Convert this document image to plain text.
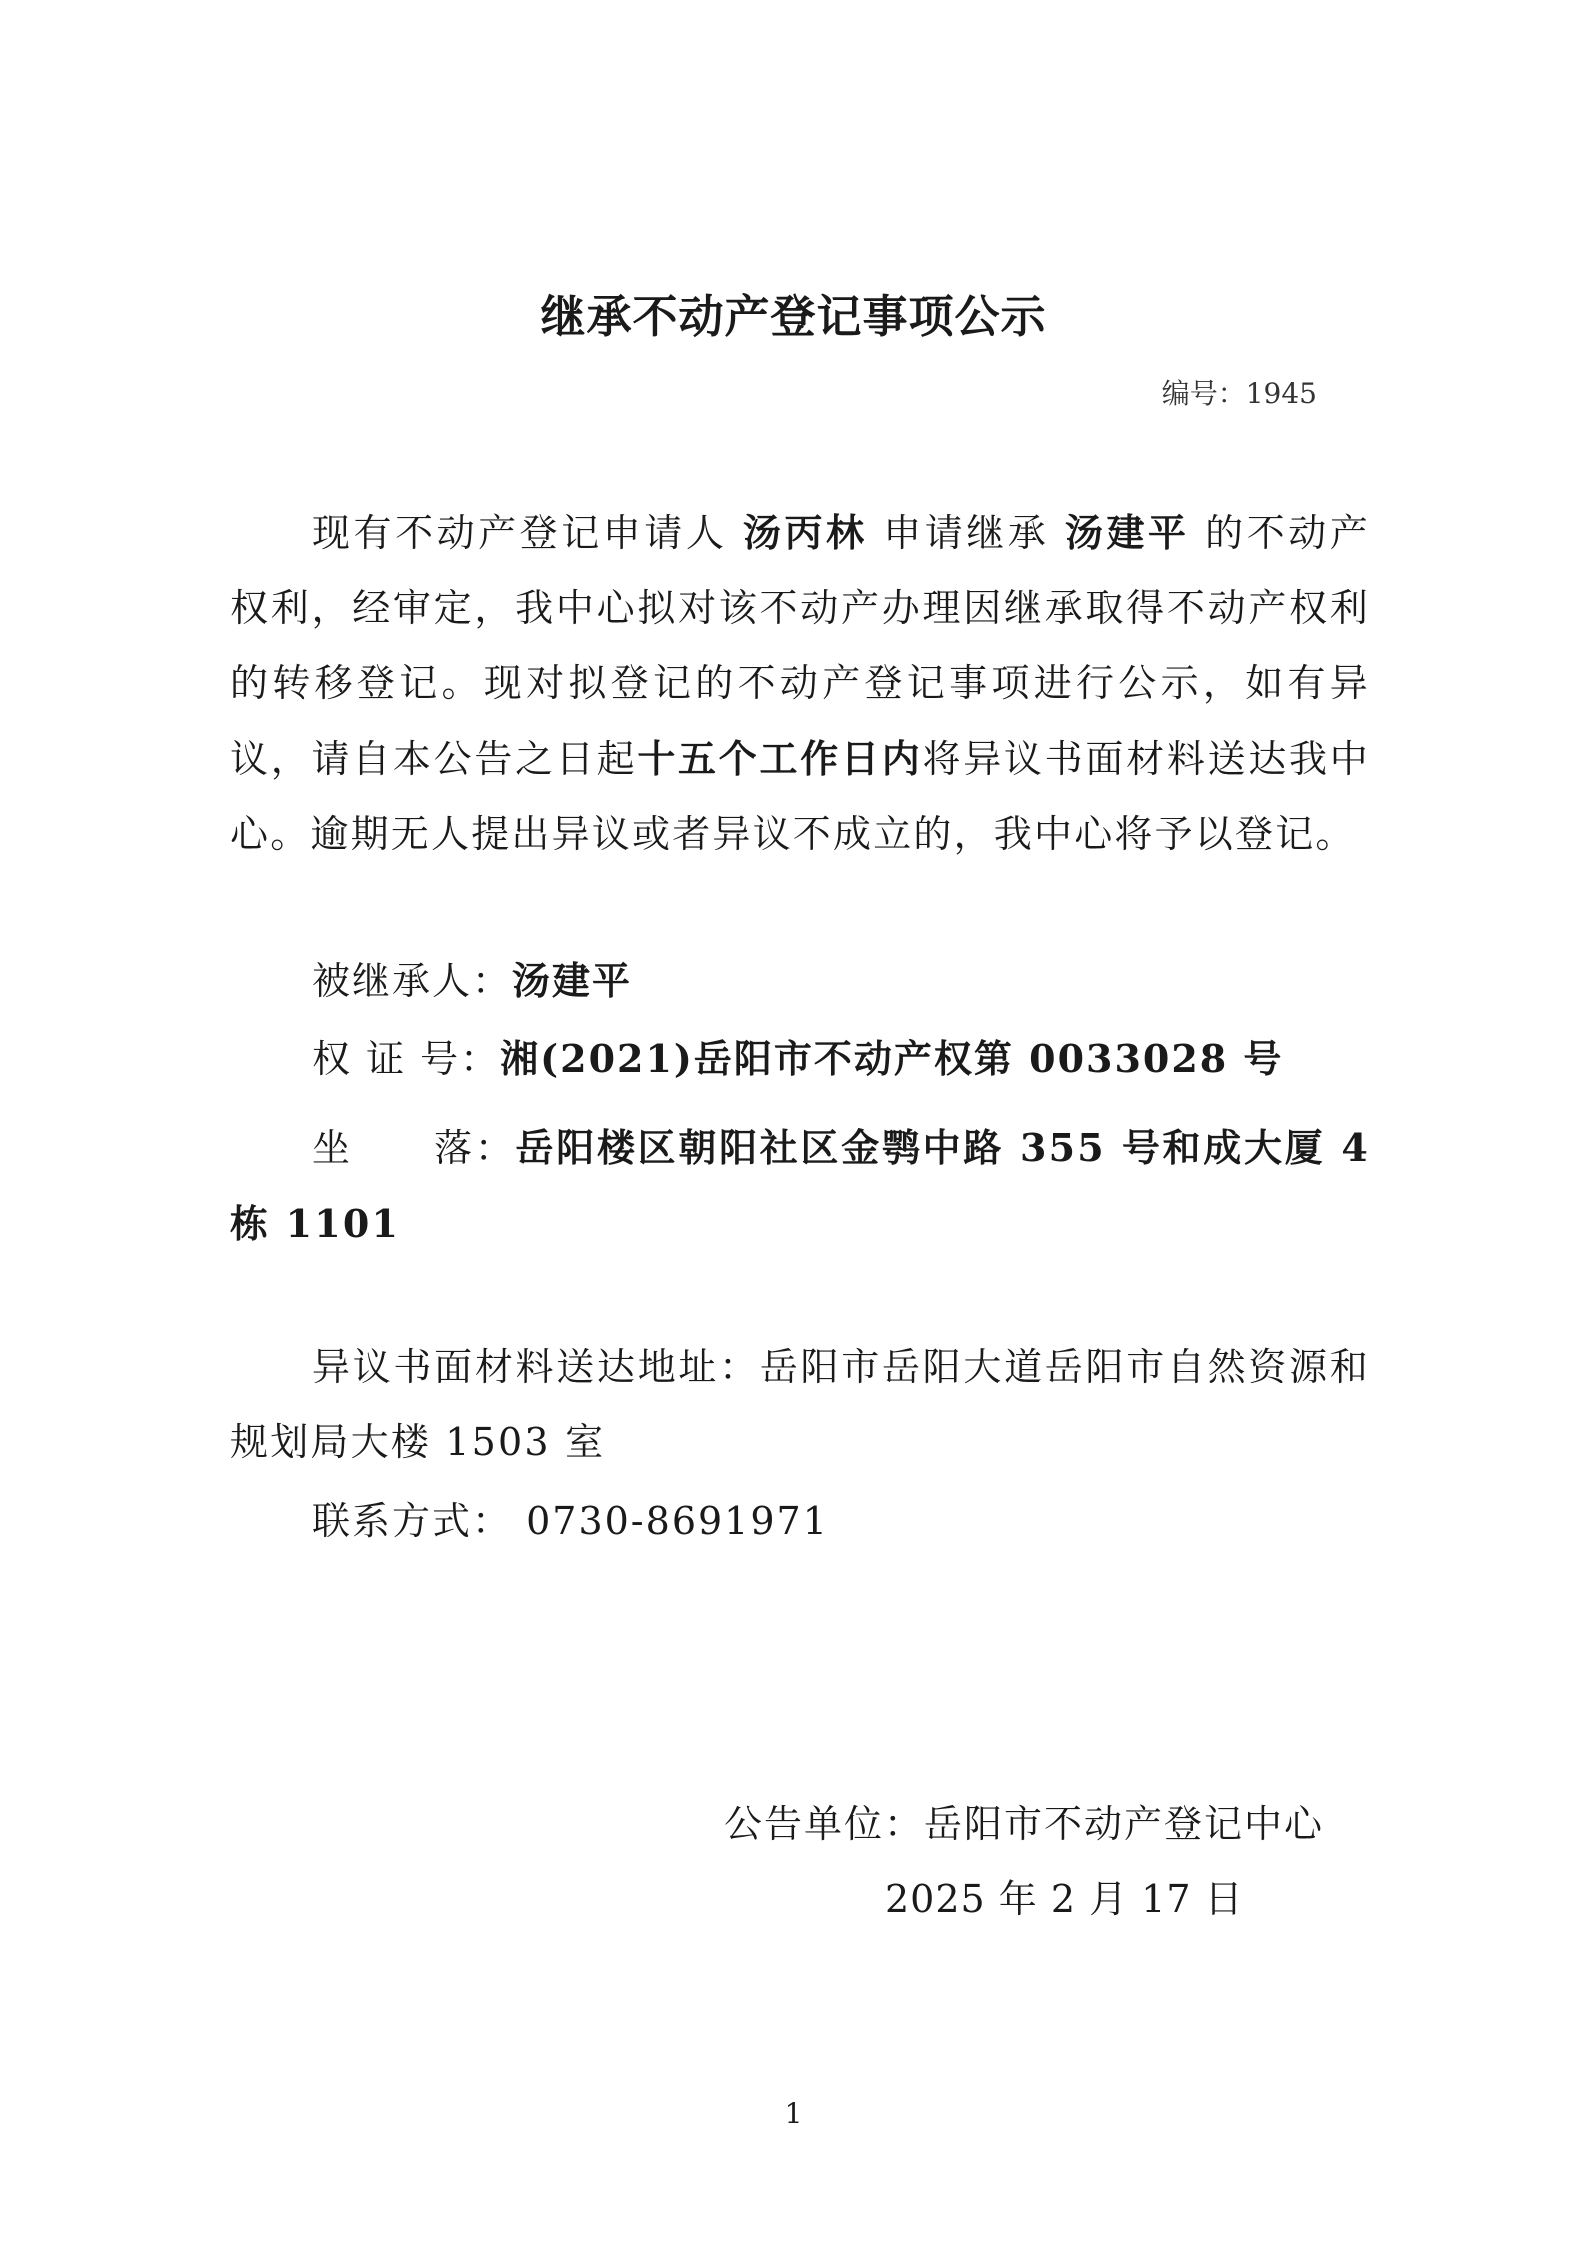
继承不动产登记事项公示
编号：1945
现有不动产登记申请人 汤丙林 申请继承 汤建平 的不动产权利，经审定，我中心拟对该不动产办理因继承取得不动产权利的转移登记。现对拟登记的不动产登记事项进行公示，如有异议，请自本公告之日起十五个工作日内将异议书面材料送达我中心。逾期无人提出异议或者异议不成立的，我中心将予以登记。
被继承人：汤建平
权 证 号：湘(2021)岳阳市不动产权第 0033028 号
坐　　落：岳阳楼区朝阳社区金鹗中路 355 号和成大厦 4 栋 1101
异议书面材料送达地址：岳阳市岳阳大道岳阳市自然资源和规划局大楼 1503 室
联系方式： 0730-8691971
公告单位：岳阳市不动产登记中心
2025 年 2 月 17 日
1
